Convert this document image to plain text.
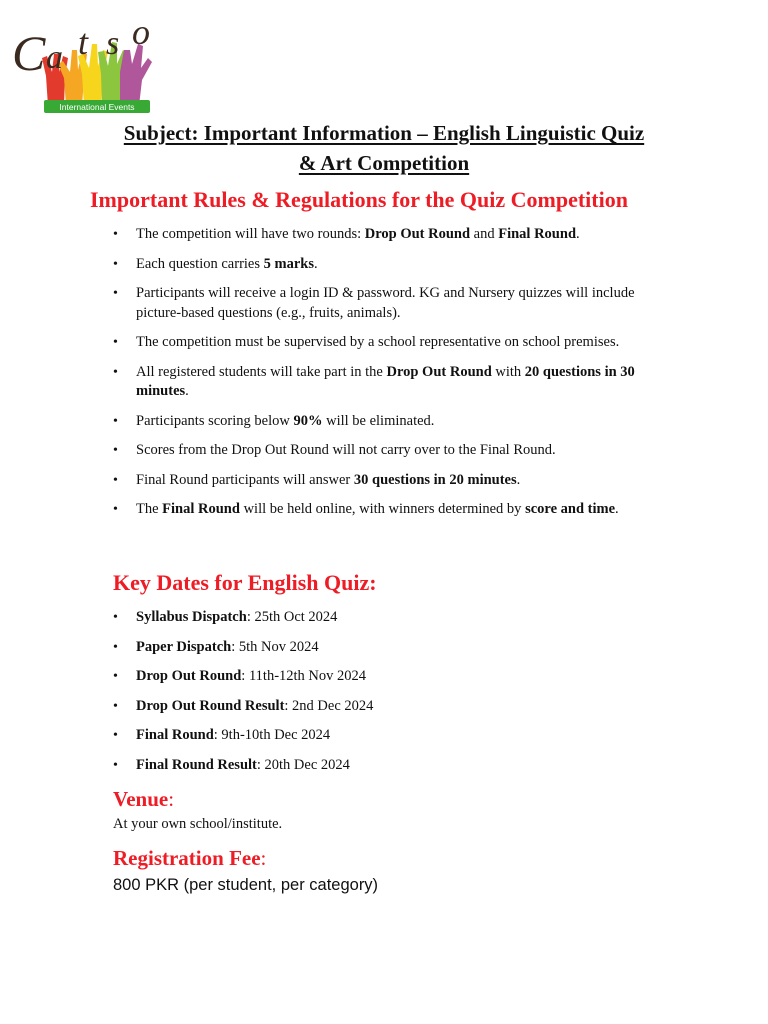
C a t s o
International Events
Subject: Important Information – English Linguistic Quiz
& Art Competition
Important Rules & Regulations for the Quiz Competition
• The competition will have two rounds: Drop Out Round and Final Round.
• Each question carries 5 marks.
• Participants will receive a login ID & password. KG and Nursery quizzes will include picture-based questions (e.g., fruits, animals).
• The competition must be supervised by a school representative on school premises.
• All registered students will take part in the Drop Out Round with 20 questions in 30 minutes.
• Participants scoring below 90% will be eliminated.
• Scores from the Drop Out Round will not carry over to the Final Round.
• Final Round participants will answer 30 questions in 20 minutes.
• The Final Round will be held online, with winners determined by score and time.
Key Dates for English Quiz:
• Syllabus Dispatch: 25th Oct 2024
• Paper Dispatch: 5th Nov 2024
• Drop Out Round: 11th-12th Nov 2024
• Drop Out Round Result: 2nd Dec 2024
• Final Round: 9th-10th Dec 2024
• Final Round Result: 20th Dec 2024
Venue:
At your own school/institute.
Registration Fee:
800 PKR (per student, per category)
